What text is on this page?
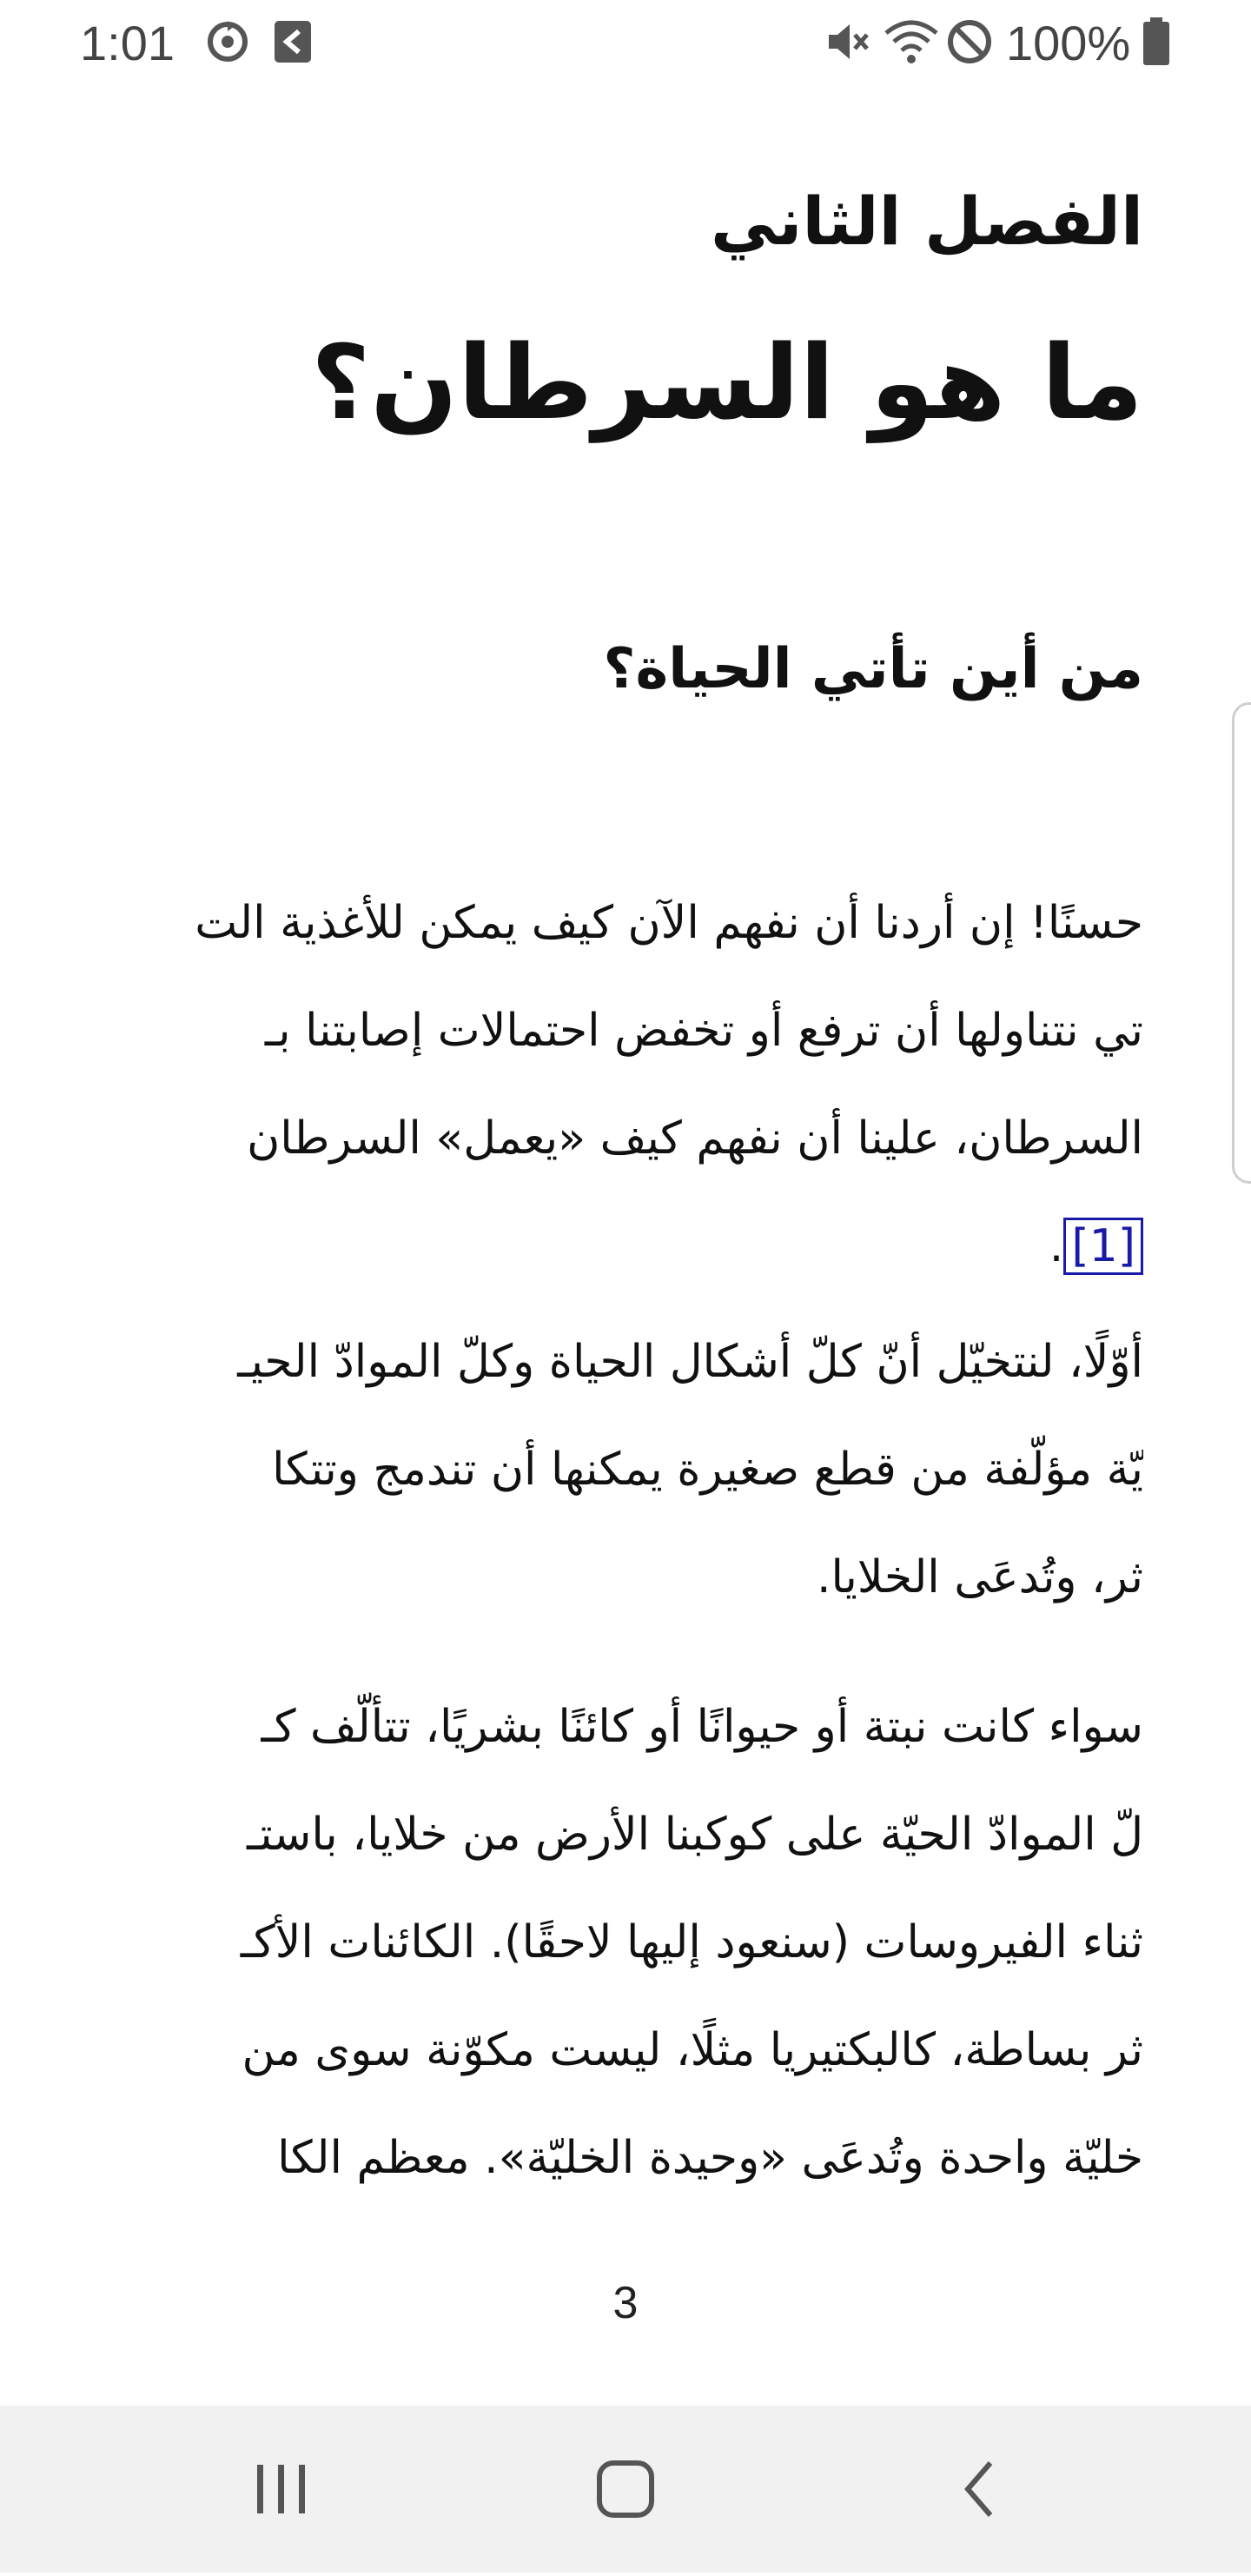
1:01	100%
الفصل الثاني
ما هو السرطان؟
من أين تأتي الحياة؟
حسنًا! إن أردنا أن نفهم الآن كيف يمكن للأغذية الت
تي نتناولها أن ترفع أو تخفض احتمالات إصابتنا بـ
السرطان، علينا أن نفهم كيف «يعمل» السرطان
[1].
أوّلًا، لنتخيّل أنّ كلّ أشكال الحياة وكلّ الموادّ الحيـ
يّة مؤلّفة من قطع صغيرة يمكنها أن تندمج وتتكا
ثر، وتُدعَى الخلايا.
سواء كانت نبتة أو حيوانًا أو كائنًا بشريًا، تتألّف كـ
لّ الموادّ الحيّة على كوكبنا الأرض من خلايا، باستـ
ثناء الفيروسات (سنعود إليها لاحقًا). الكائنات الأكـ
ثر بساطة، كالبكتيريا مثلًا، ليست مكوّنة سوى من
خليّة واحدة وتُدعَى «وحيدة الخليّة». معظم الكا
3
